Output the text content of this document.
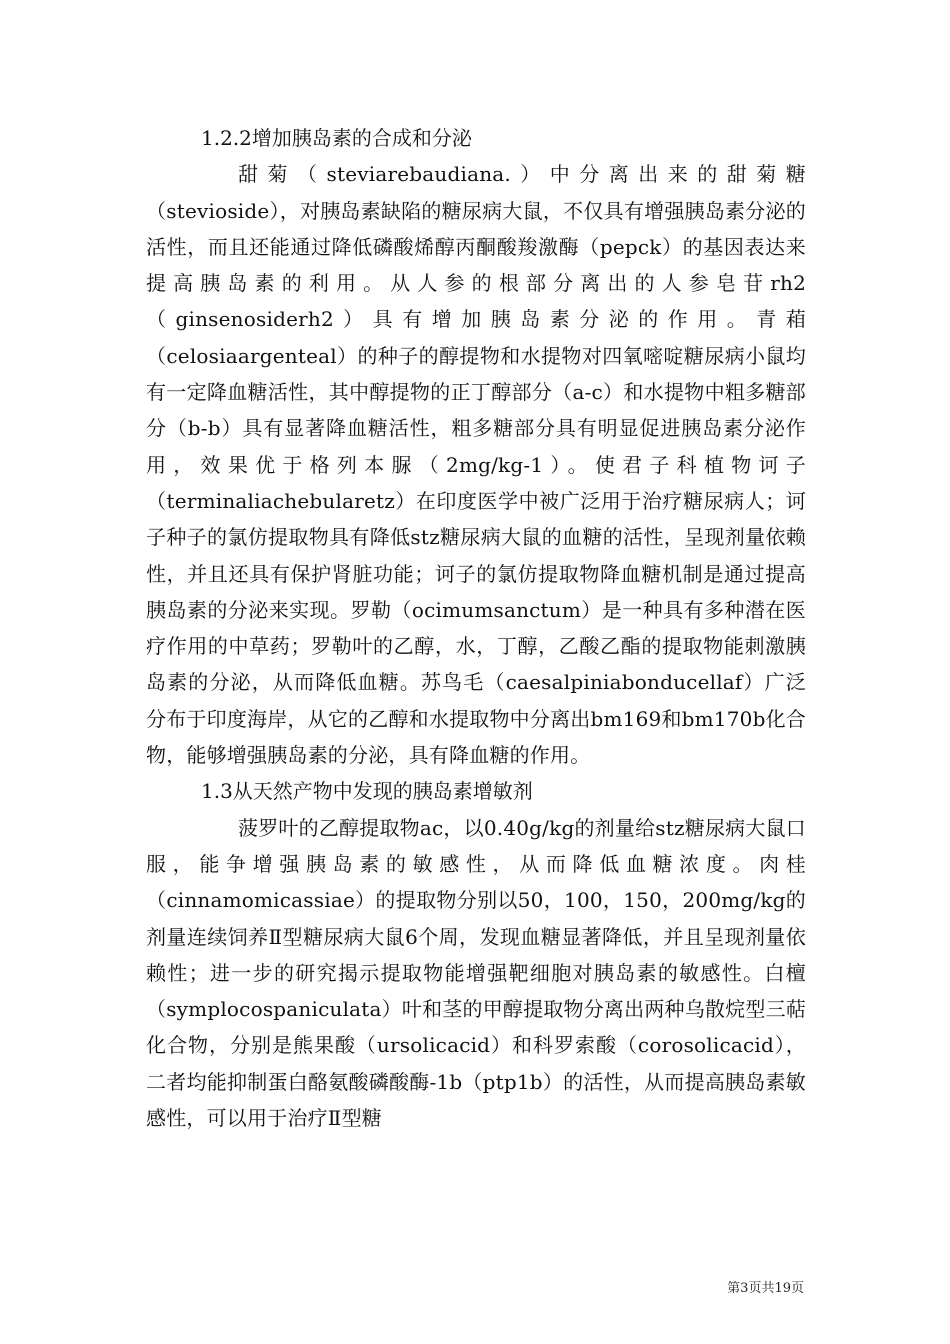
1.2.2增加胰岛素的合成和分泌

甜菊（steviarebaudiana.）中分离出来的甜菊糖（stevioside），对胰岛素缺陷的糖尿病大鼠，不仅具有增强胰岛素分泌的活性，而且还能通过降低磷酸烯醇丙酮酸羧激酶（pepck）的基因表达来提高胰岛素的利用。从人参的根部分离出的人参皂苷rh2（ginsenosiderh2）具有增加胰岛素分泌的作用。青葙（celosiaargenteal）的种子的醇提物和水提物对四氧嘧啶糖尿病小鼠均有一定降血糖活性，其中醇提物的正丁醇部分（a-c）和水提物中粗多糖部分（b-b）具有显著降血糖活性，粗多糖部分具有明显促进胰岛素分泌作用，效果优于格列本脲（2mg/kg-1）。使君子科植物诃子（terminaliachebularetz）在印度医学中被广泛用于治疗糖尿病人；诃子种子的氯仿提取物具有降低stz糖尿病大鼠的血糖的活性，呈现剂量依赖性，并且还具有保护肾脏功能；诃子的氯仿提取物降血糖机制是通过提高胰岛素的分泌来实现。罗勒（ocimumsanctum）是一种具有多种潜在医疗作用的中草药；罗勒叶的乙醇，水，丁醇，乙酸乙酯的提取物能刺激胰岛素的分泌，从而降低血糖。苏鸟毛（caesalpiniabonducellaf）广泛分布于印度海岸，从它的乙醇和水提取物中分离出bm169和bm170b化合物，能够增强胰岛素的分泌，具有降血糖的作用。

1.3从天然产物中发现的胰岛素增敏剂

菠罗叶的乙醇提取物ac，以0.40g/kg的剂量给stz糖尿病大鼠口服，能争增强胰岛素的敏感性，从而降低血糖浓度。肉桂（cinnamomicassiae）的提取物分别以50，100，150，200mg/kg的剂量连续饲养Ⅱ型糖尿病大鼠6个周，发现血糖显著降低，并且呈现剂量依赖性；进一步的研究揭示提取物能增强靶细胞对胰岛素的敏感性。白檀（symplocospaniculata）叶和茎的甲醇提取物分离出两种乌散烷型三萜化合物，分别是熊果酸（ursolicacid）和科罗索酸（corosolicacid），二者均能抑制蛋白酪氨酸磷酸酶-1b（ptp1b）的活性，从而提高胰岛素敏感性，可以用于治疗Ⅱ型糖

第3页共19页
